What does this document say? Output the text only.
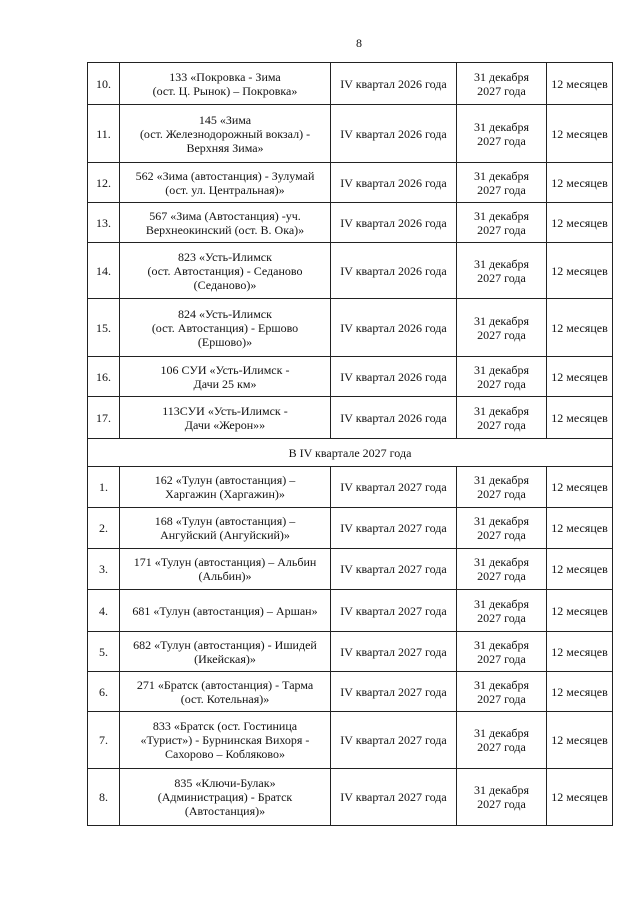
8
10.	133 «Покровка - Зима
(ост. Ц. Рынок) – Покровка»	IV квартал 2026 года	31 декабря
2027 года	12 месяцев
11.	145 «Зима
(ост. Железнодорожный вокзал) -
Верхняя Зима»	IV квартал 2026 года	31 декабря
2027 года	12 месяцев
12.	562 «Зима (автостанция) - Зулумай
(ост. ул. Центральная)»	IV квартал 2026 года	31 декабря
2027 года	12 месяцев
13.	567 «Зима (Автостанция) -уч.
Верхнеокинский (ост. В. Ока)»	IV квартал 2026 года	31 декабря
2027 года	12 месяцев
14.	823 «Усть-Илимск
(ост. Автостанция) - Седаново
(Седаново)»	IV квартал 2026 года	31 декабря
2027 года	12 месяцев
15.	824 «Усть-Илимск
(ост. Автостанция) - Ершово
(Ершово)»	IV квартал 2026 года	31 декабря
2027 года	12 месяцев
16.	106 СУИ «Усть-Илимск -
Дачи 25 км»	IV квартал 2026 года	31 декабря
2027 года	12 месяцев
17.	113СУИ «Усть-Илимск -
Дачи «Жерон»»	IV квартал 2026 года	31 декабря
2027 года	12 месяцев
В IV квартале 2027 года				
1.	162 «Тулун (автостанция) –
Харгажин (Харгажин)»	IV квартал 2027 года	31 декабря
2027 года	12 месяцев
2.	168 «Тулун (автостанция) –
Ангуйский (Ангуйский)»	IV квартал 2027 года	31 декабря
2027 года	12 месяцев
3.	171 «Тулун (автостанция) – Альбин
(Альбин)»	IV квартал 2027 года	31 декабря
2027 года	12 месяцев
4.	681 «Тулун (автостанция) – Аршан»	IV квартал 2027 года	31 декабря
2027 года	12 месяцев
5.	682 «Тулун (автостанция) - Ишидей
(Икейская)»	IV квартал 2027 года	31 декабря
2027 года	12 месяцев
6.	271 «Братск (автостанция) - Тарма
(ост. Котельная)»	IV квартал 2027 года	31 декабря
2027 года	12 месяцев
7.	833 «Братск (ост. Гостиница
«Турист») - Бурнинская Вихоря -
Сахорово – Кобляково»	IV квартал 2027 года	31 декабря
2027 года	12 месяцев
8.	835 «Ключи-Булак»
(Администрация) - Братск
(Автостанция)»	IV квартал 2027 года	31 декабря
2027 года	12 месяцев
